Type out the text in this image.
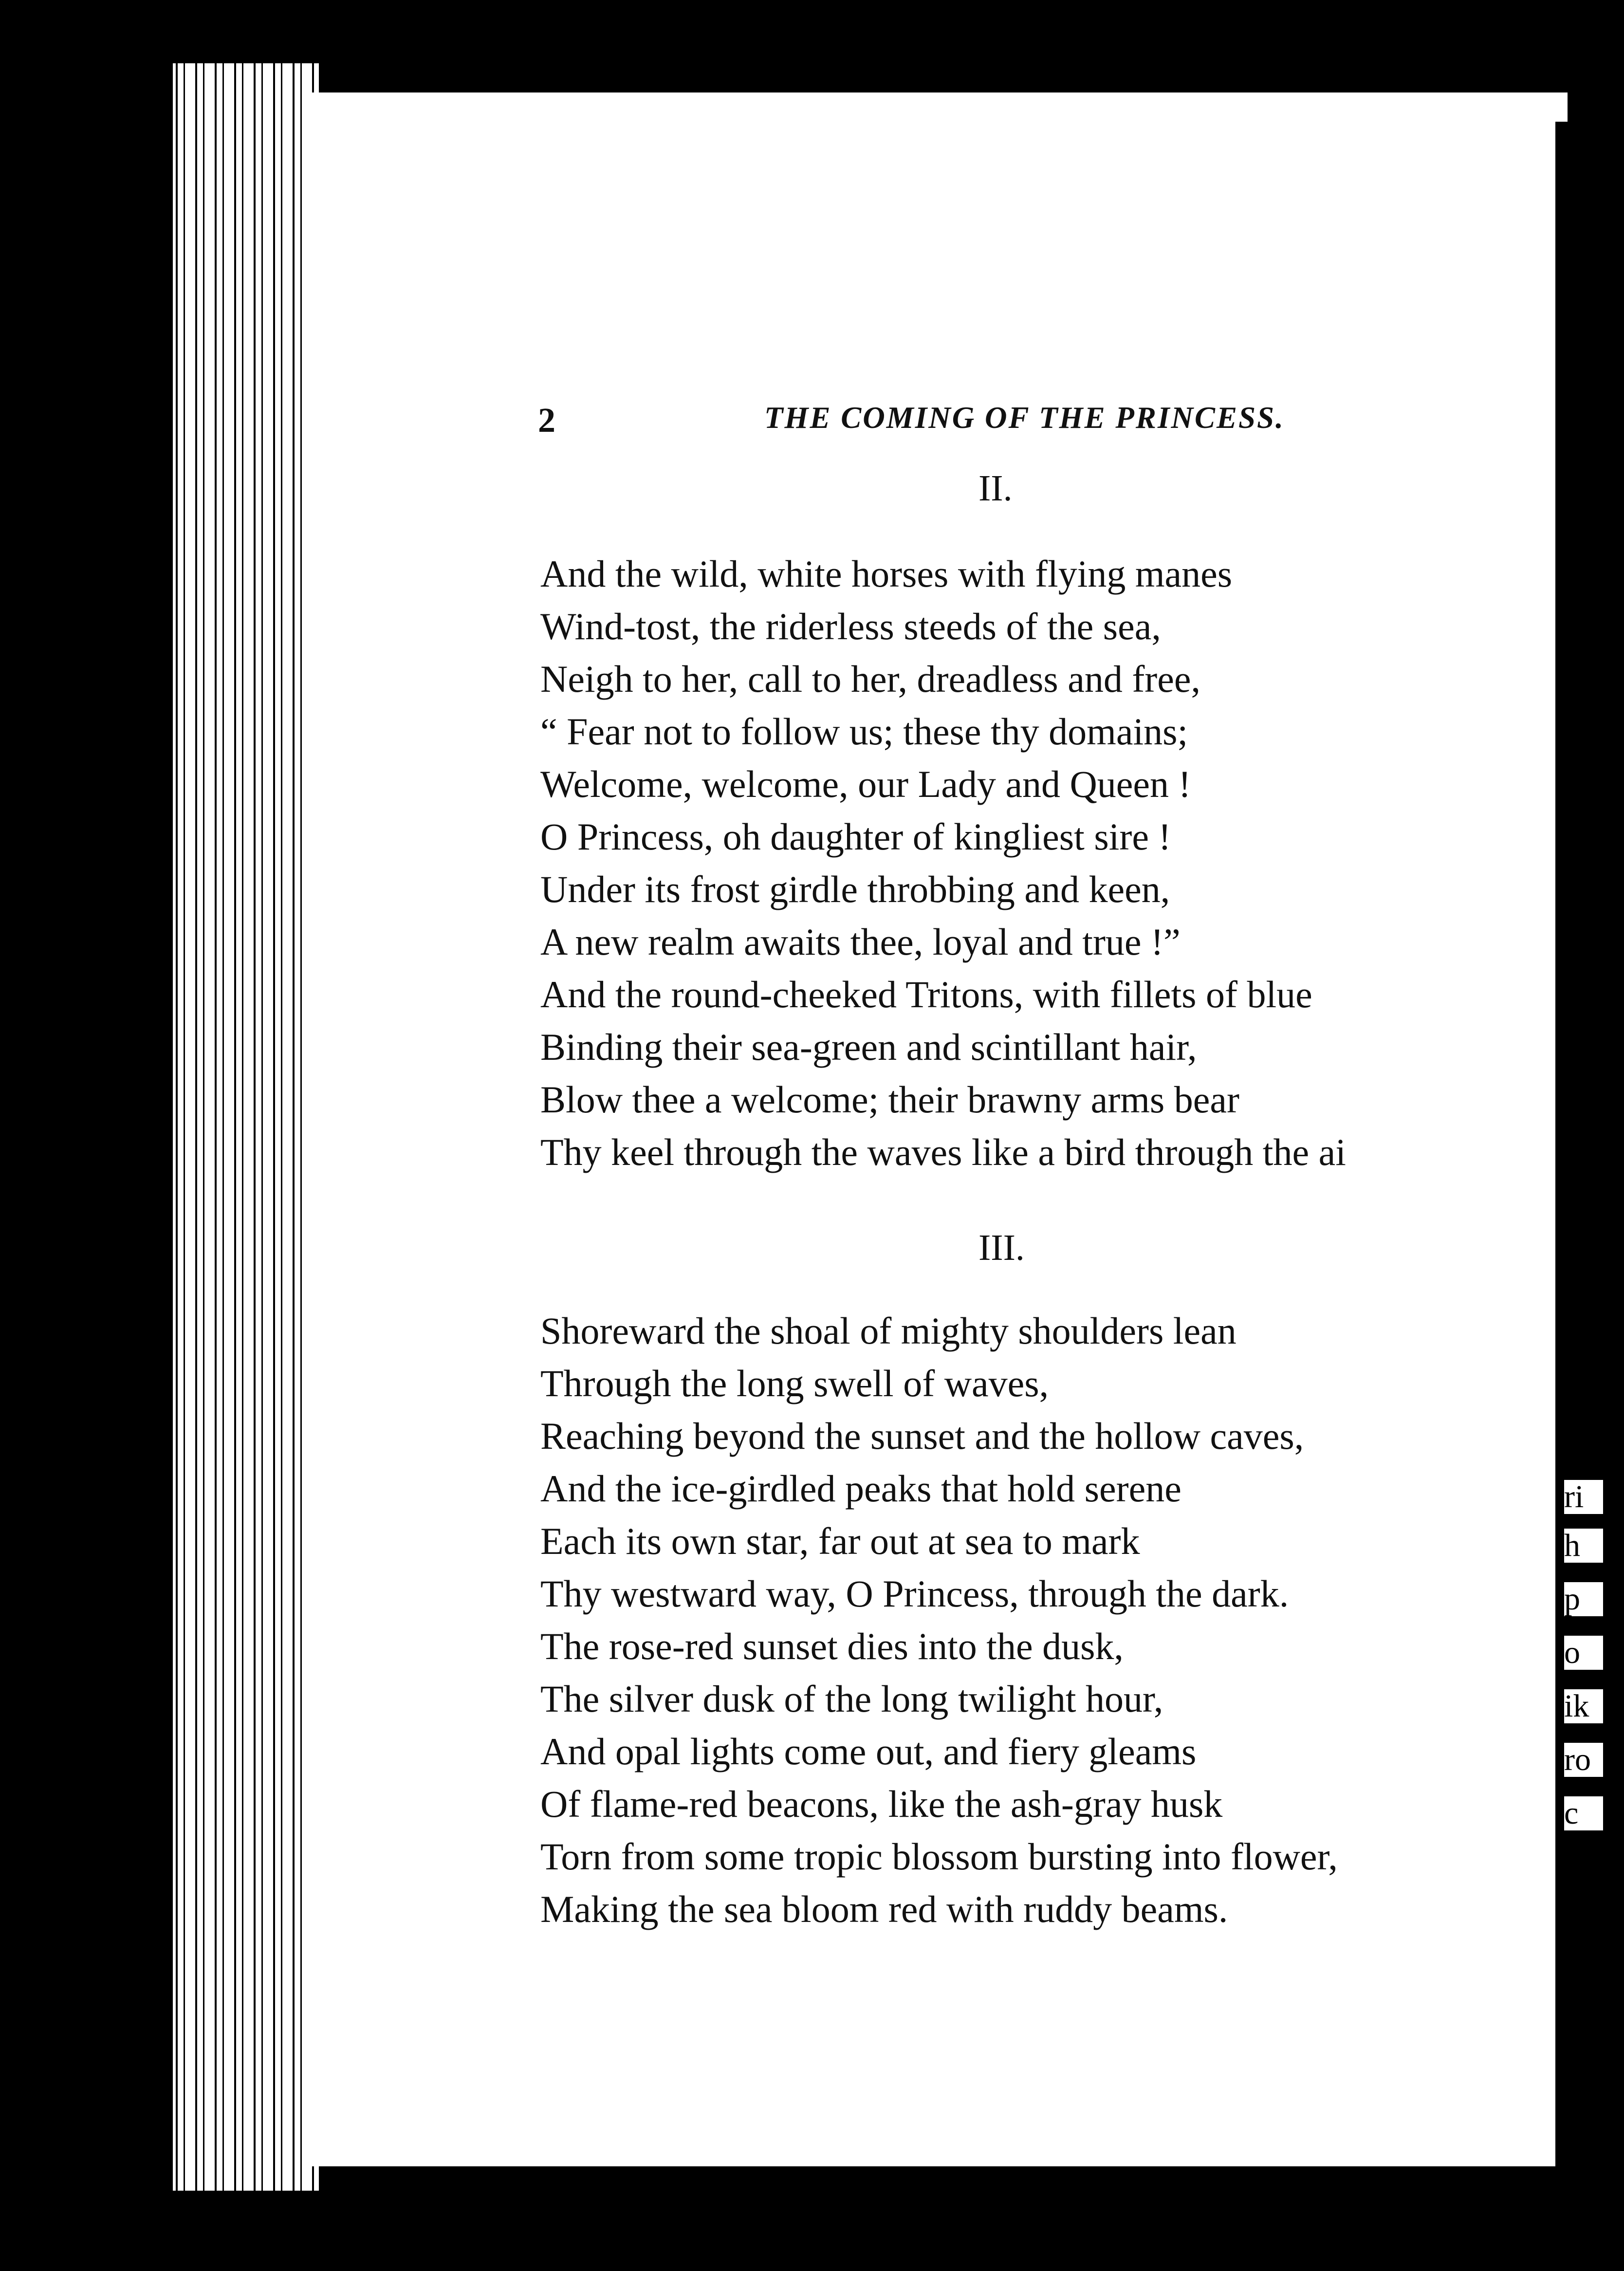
2	THE COMING OF THE PRINCESS.
II.
And the wild, white horses with flying manes
Wind-tost, the riderless steeds of the sea,
Neigh to her, call to her, dreadless and free,
“ Fear not to follow us; these thy domains;
Welcome, welcome, our Lady and Queen !
O Princess, oh daughter of kingliest sire !
Under its frost girdle throbbing and keen,
A new realm awaits thee, loyal and true !”
And the round-cheeked Tritons, with fillets of blue
Binding their sea-green and scintillant hair,
Blow thee a welcome; their brawny arms bear
Thy keel through the waves like a bird through the ai
III.
Shoreward the shoal of mighty shoulders lean
Through the long swell of waves,
Reaching beyond the sunset and the hollow caves,
And the ice-girdled peaks that hold serene
Each its own star, far out at sea to mark
Thy westward way, O Princess, through the dark.
The rose-red sunset dies into the dusk,
The silver dusk of the long twilight hour,
And opal lights come out, and fiery gleams
Of flame-red beacons, like the ash-gray husk
Torn from some tropic blossom bursting into flower,
Making the sea bloom red with ruddy beams.
ri
h
p
o
ik
ro
c
